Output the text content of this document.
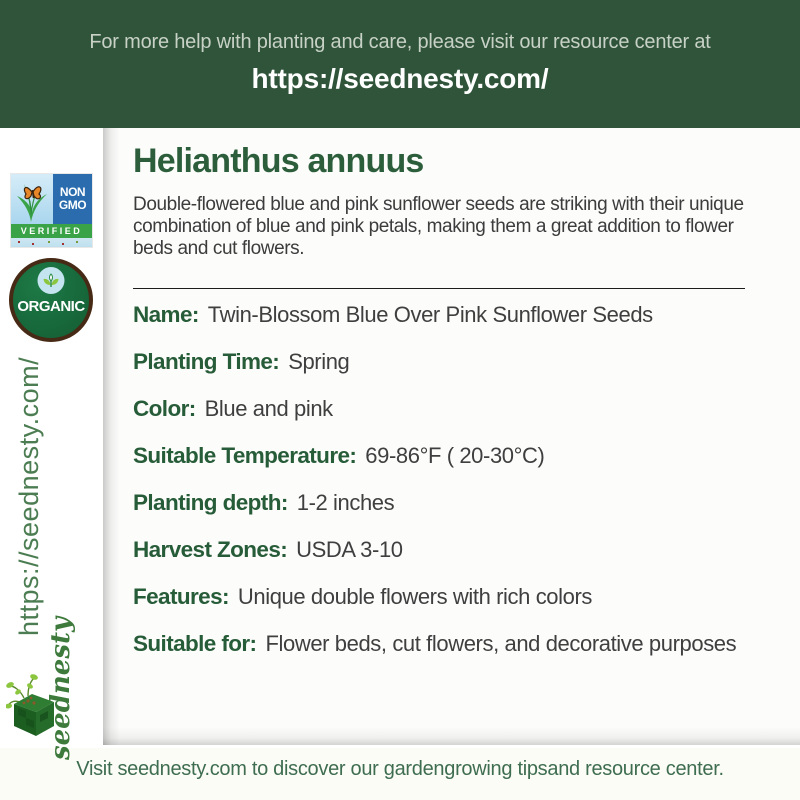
For more help with planting and care, please visit our resource center at
https://seednesty.com/
Helianthus annuus
Double-flowered blue and pink sunflower seeds are striking with their unique combination of blue and pink petals, making them a great addition to flower beds and cut flowers.
Name: Twin-Blossom Blue Over Pink Sunflower Seeds
Planting Time: Spring
Color: Blue and pink
Suitable Temperature: 69-86°F ( 20-30°C)
Planting depth: 1-2 inches
Harvest Zones: USDA 3-10
Features: Unique double flowers with rich colors
Suitable for: Flower beds, cut flowers, and decorative purposes
NON
GMO
VERIFIED
ORGANIC
https://seednesty.com/
seednesty
Visit seednesty.com to discover our gardengrowing tipsand resource center.
